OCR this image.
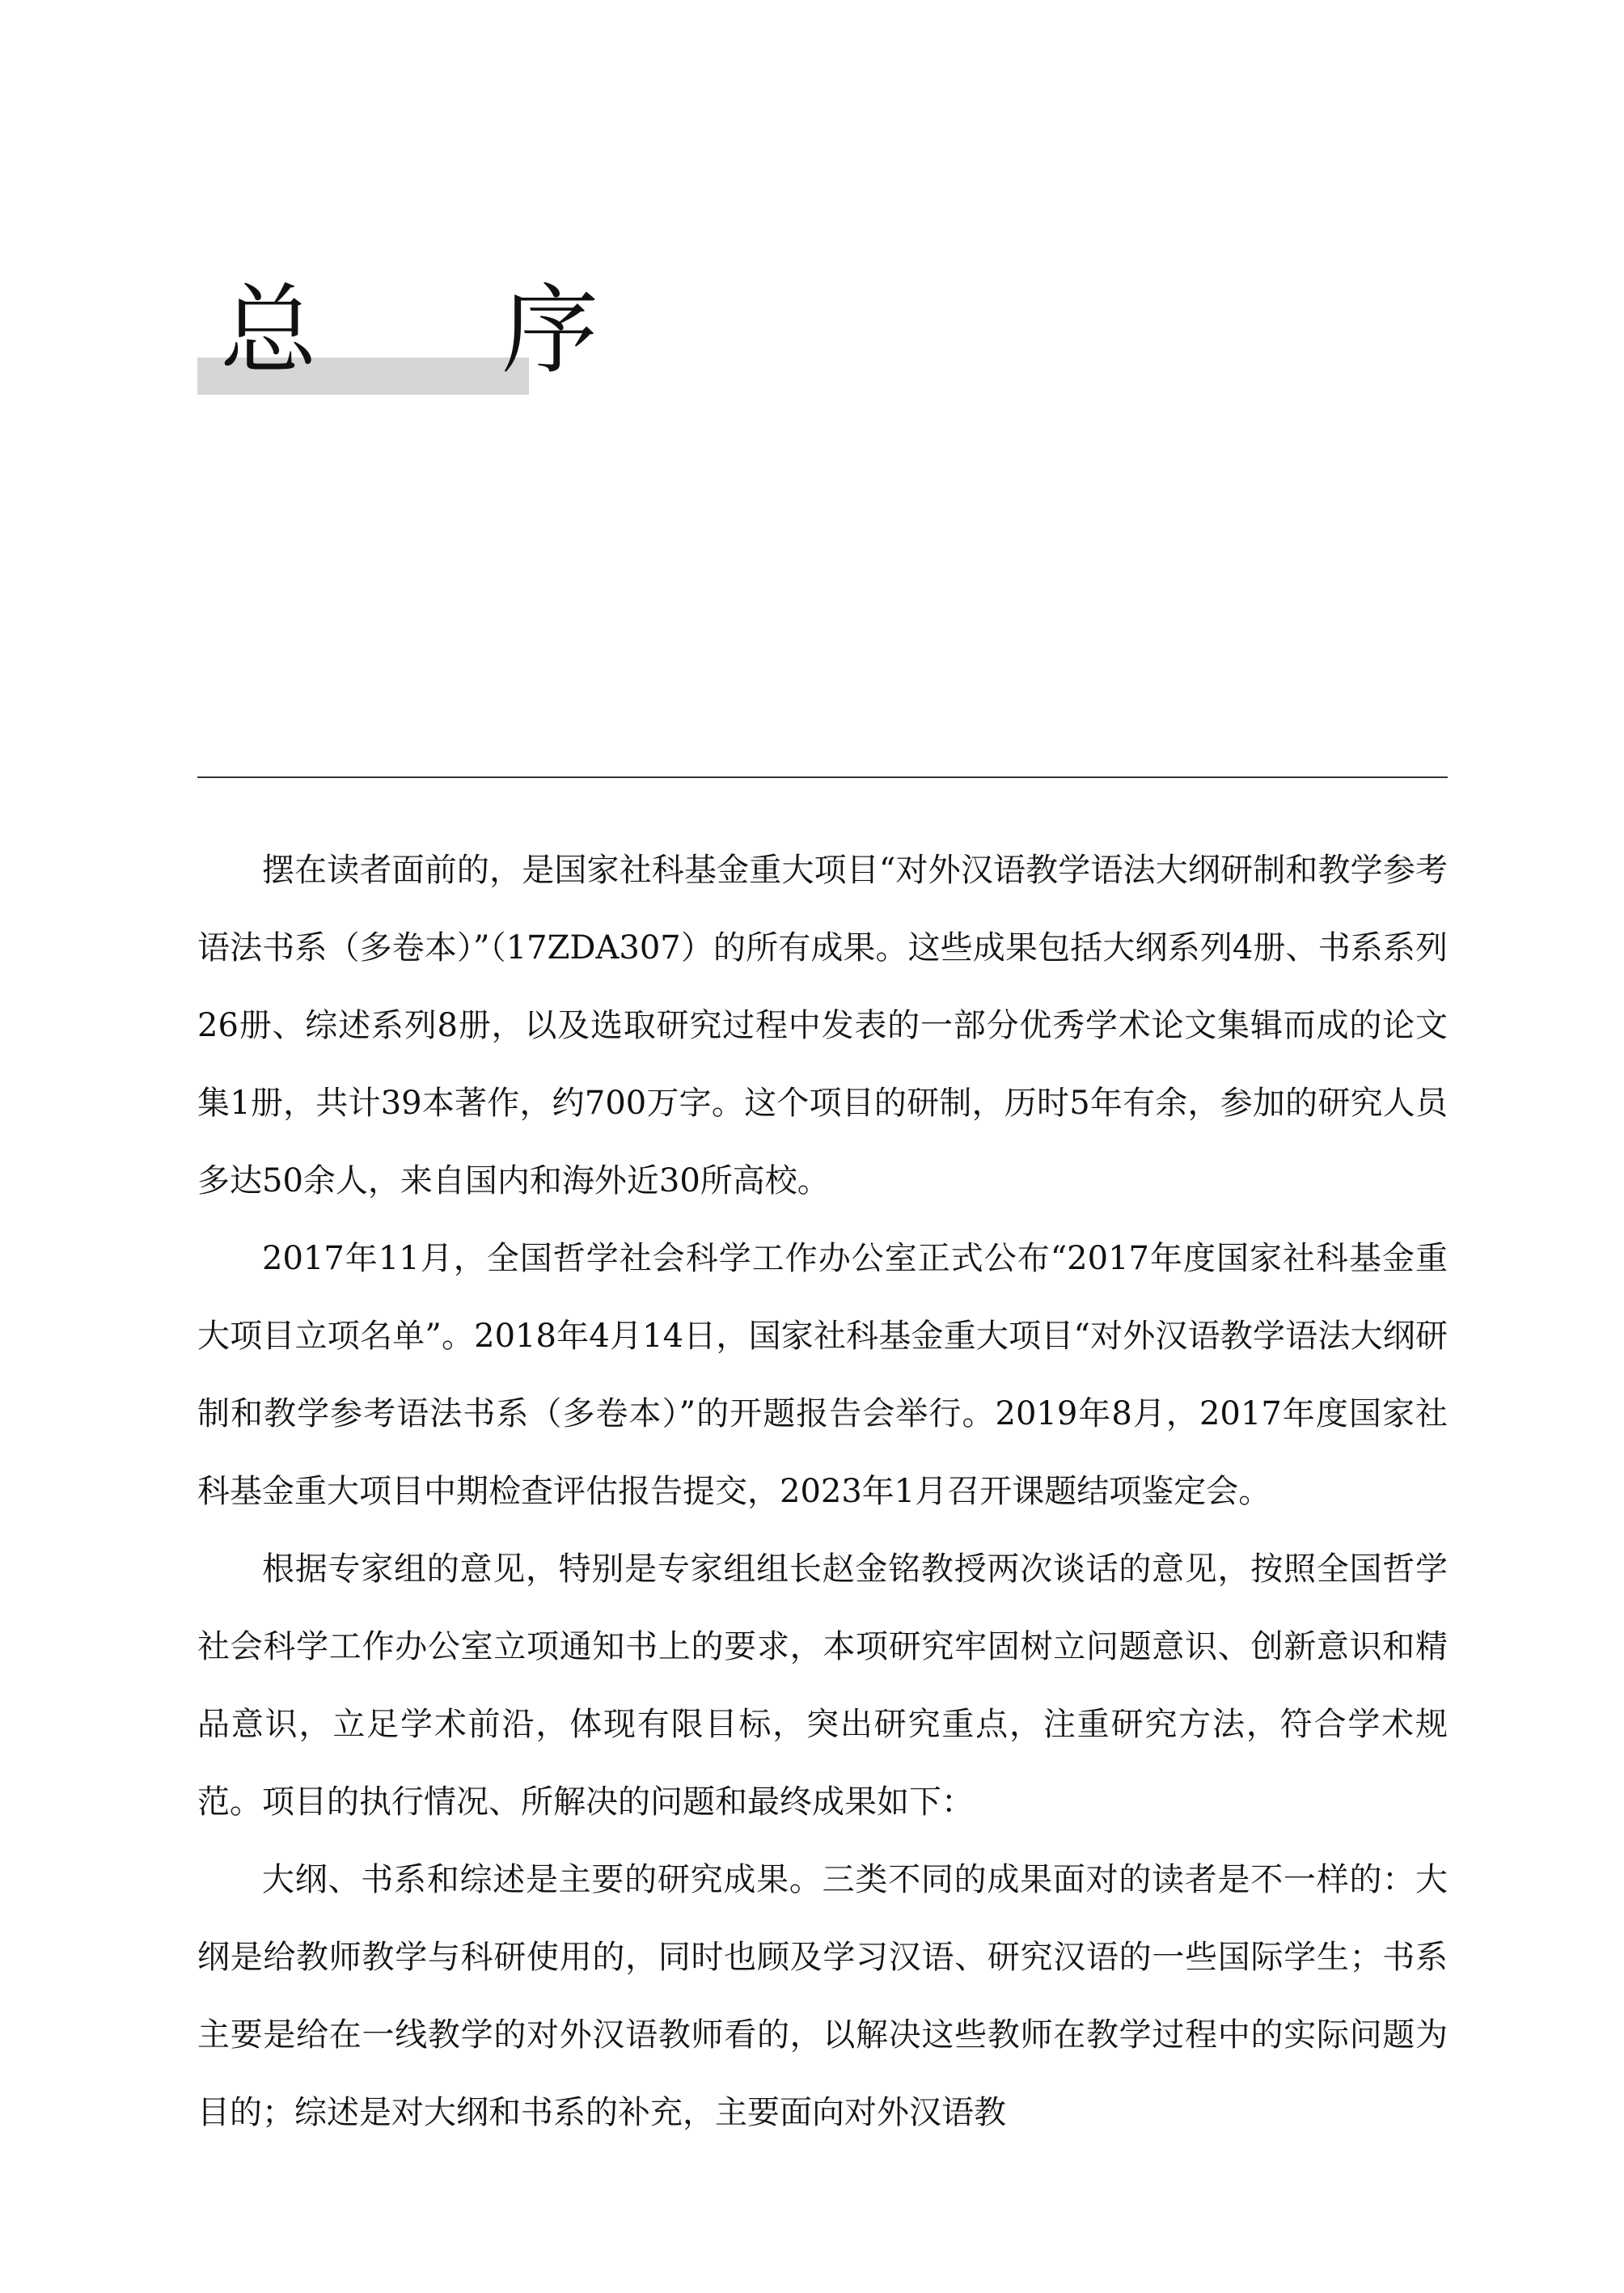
总 序

摆在读者面前的，是国家社科基金重大项目“对外汉语教学语法大纲研制和教学参考语法书系（多卷本）”（17ZDA307）的所有成果。这些成果包括大纲系列4册、书系系列26册、综述系列8册，以及选取研究过程中发表的一部分优秀学术论文集辑而成的论文集1册，共计39本著作，约700万字。这个项目的研制，历时5年有余，参加的研究人员多达50余人，来自国内和海外近30所高校。

2017年11月，全国哲学社会科学工作办公室正式公布“2017年度国家社科基金重大项目立项名单”。2018年4月14日，国家社科基金重大项目“对外汉语教学语法大纲研制和教学参考语法书系（多卷本）”的开题报告会举行。2019年8月，2017年度国家社科基金重大项目中期检查评估报告提交，2023年1月召开课题结项鉴定会。

根据专家组的意见，特别是专家组组长赵金铭教授两次谈话的意见，按照全国哲学社会科学工作办公室立项通知书上的要求，本项研究牢固树立问题意识、创新意识和精品意识，立足学术前沿，体现有限目标，突出研究重点，注重研究方法，符合学术规范。项目的执行情况、所解决的问题和最终成果如下：

大纲、书系和综述是主要的研究成果。三类不同的成果面对的读者是不一样的：大纲是给教师教学与科研使用的，同时也顾及学习汉语、研究汉语的一些国际学生；书系主要是给在一线教学的对外汉语教师看的，以解决这些教师在教学过程中的实际问题为目的；综述是对大纲和书系的补充，主要面向对外汉语教
